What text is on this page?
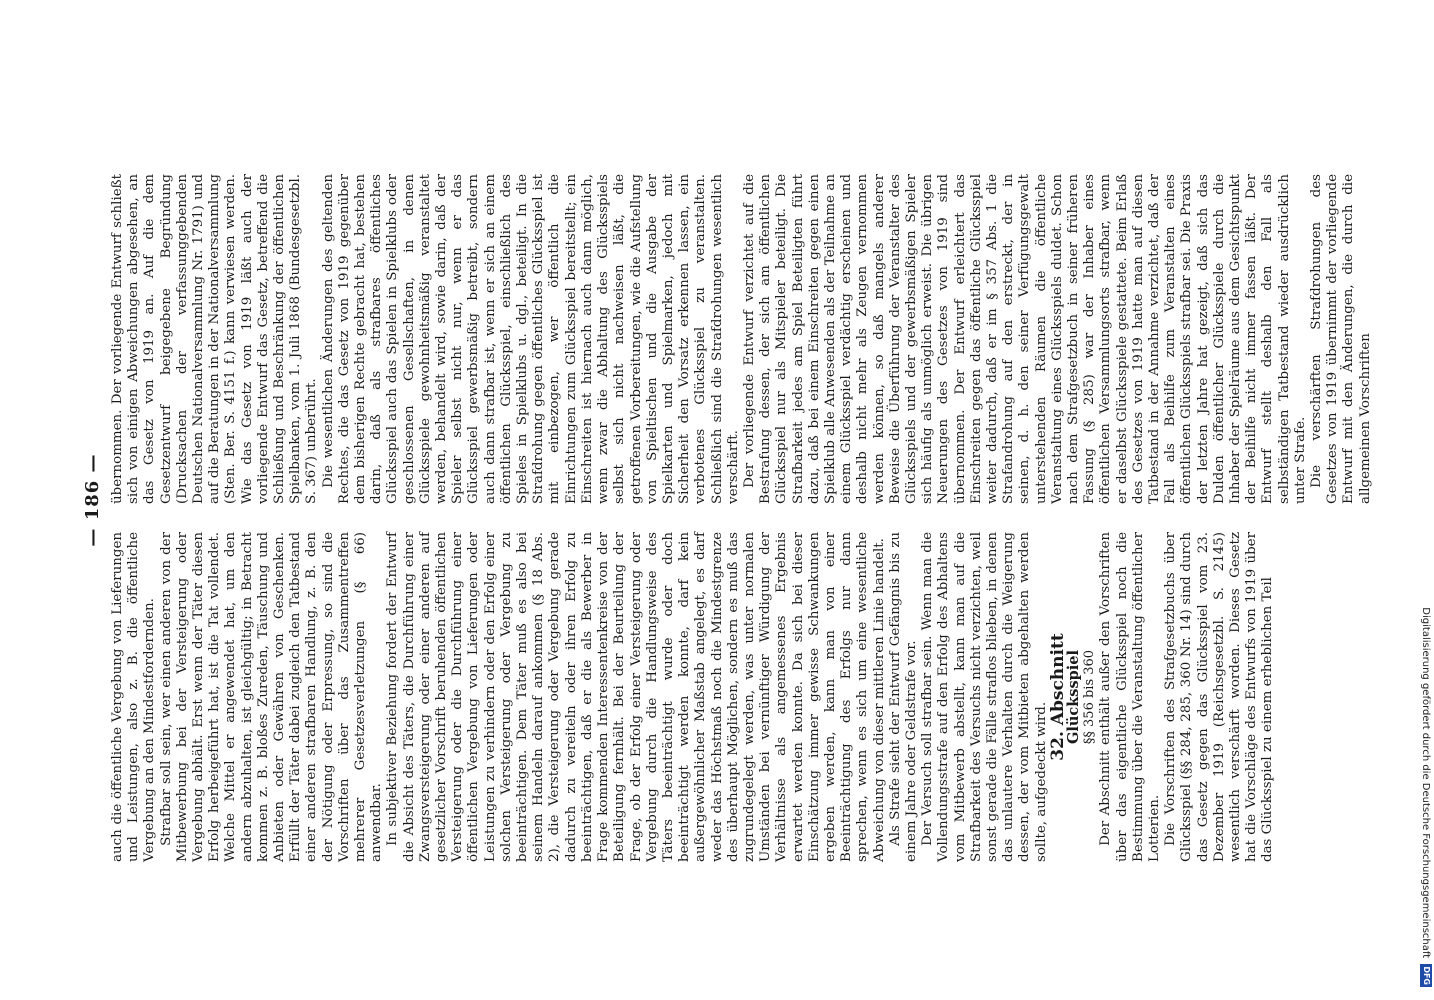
— 186 —

auch die öffentliche Vergebung von Lieferungen und Leistungen, also z. B. die öffentliche Vergebung an den Mindestfordernden. Strafbar soll sein, wer einen anderen von der Mitbewerbung bei der Versteigerung oder Vergebung abhält. Erst wenn der Täter diesen Erfolg herbeigeführt hat, ist die Tat vollendet. Welche Mittel er angewendet hat, um den andern abzuhalten, ist gleichgültig; in Betracht kommen z. B. bloßes Zureden, Täuschung und Anbieten oder Gewähren von Geschenken. Erfüllt der Täter dabei zugleich den Tatbestand einer anderen strafbaren Handlung, z. B. den der Nötigung oder Erpressung, so sind die Vorschriften über das Zusammentreffen mehrerer Gesetzesverletzungen (§ 66) anwendbar. In subjektiver Beziehung fordert der Entwurf die Absicht des Täters, die Durchführung einer Zwangsversteigerung oder einer anderen auf gesetzlicher Vorschrift beruhenden öffentlichen Versteigerung oder die Durchführung einer öffentlichen Vergebung von Lieferungen oder Leistungen zu verhindern oder den Erfolg einer solchen Versteigerung oder Vergebung zu beeinträchtigen. Dem Täter muß es also bei seinem Handeln darauf ankommen (§ 18 Abs. 2), die Versteigerung oder Vergebung gerade dadurch zu vereiteln oder ihren Erfolg zu beeinträchtigen, daß er die als Bewerber in Frage kommenden Interessentenkreise von der Beteiligung fernhält. Bei der Beurteilung der Frage, ob der Erfolg einer Versteigerung oder Vergebung durch die Handlungsweise des Täters beeinträchtigt wurde oder doch beeinträchtigt werden konnte, darf kein außergewöhnlicher Maßstab angelegt, es darf weder das Höchstmaß noch die Mindestgrenze des überhaupt Möglichen, sondern es muß das zugrundegelegt werden, was unter normalen Umständen bei vernünftiger Würdigung der Verhältnisse als angemessenes Ergebnis erwartet werden konnte. Da sich bei dieser Einschätzung immer gewisse Schwankungen ergeben werden, kann man von einer Beeinträchtigung des Erfolgs nur dann sprechen, wenn es sich um eine wesentliche Abweichung von dieser mittleren Linie handelt. Als Strafe sieht der Entwurf Gefängnis bis zu einem Jahre oder Geldstrafe vor. Der Versuch soll strafbar sein. Wenn man die Vollendungsstrafe auf den Erfolg des Abhaltens vom Mitbewerb abstellt, kann man auf die Strafbarkeit des Versuchs nicht verzichten, weil sonst gerade die Fälle straflos blieben, in denen das unlautere Verhalten durch die Weigerung dessen, der vom Mitbieten abgehalten werden sollte, aufgedeckt wird.

32. Abschnitt

Glücksspiel §§ 356 bis 360 Der Abschnitt enthält außer den Vorschriften über das eigentliche Glücksspiel noch die Bestimmung über die Veranstaltung öffentlicher Lotterien. Die Vorschriften des Strafgesetzbuchs über Glücksspiel (§§ 284, 285, 360 Nr. 14) sind durch das Gesetz gegen das Glücksspiel vom 23. Dezember 1919 (Reichsgesetzbl. S. 2145) wesentlich verschärft worden. Dieses Gesetz hat die Vorschläge des Entwurfs von 1919 über das Glücksspiel zu einem erheblichen Teil

übernommen. Der vorliegende Entwurf schließt sich von einigen Abweichungen abgesehen, an das Gesetz von 1919 an. Auf die dem Gesetzentwurf beigegebene Begründung (Drucksachen der verfassunggebenden Deutschen Nationalversammlung Nr. 1791) und auf die Beratungen in der Nationalversammlung (Sten. Ber. S. 4151 f.) kann verwiesen werden. Wie das Gesetz von 1919 läßt auch der vorliegende Entwurf das Gesetz, betreffend die Schließung und Beschränkung der öffentlichen Spielbanken, vom 1. Juli 1868 (Bundesgesetzbl. S. 367) unberührt. Die wesentlichen Änderungen des geltenden Rechtes, die das Gesetz von 1919 gegenüber dem bisherigen Rechte gebracht hat, bestehen darin, daß als strafbares öffentliches Glücksspiel auch das Spielen in Spielklubs oder geschlossenen Gesellschaften, in denen Glücksspiele gewohnheitsmäßig veranstaltet werden, behandelt wird, sowie darin, daß der Spieler selbst nicht nur, wenn er das Glücksspiel gewerbsmäßig betreibt, sondern auch dann strafbar ist, wenn er sich an einem öffentlichen Glücksspiel, einschließlich des Spieles in Spielklubs u. dgl., beteiligt. In die Strafdrohung gegen öffentliches Glücksspiel ist mit einbezogen, wer öffentlich die Einrichtungen zum Glücksspiel bereitstellt; ein Einschreiten ist hiernach auch dann möglich, wenn zwar die Abhaltung des Glücksspiels selbst sich nicht nachweisen läßt, die getroffenen Vorbereitungen, wie die Aufstellung von Spieltischen und die Ausgabe der Spielkarten und Spielmarken, jedoch mit Sicherheit den Vorsatz erkennen lassen, ein verbotenes Glücksspiel zu veranstalten. Schließlich sind die Strafdrohungen wesentlich verschärft. Der vorliegende Entwurf verzichtet auf die Bestrafung dessen, der sich am öffentlichen Glücksspiel nur als Mitspieler beteiligt. Die Strafbarkeit jedes am Spiel Beteiligten führt dazu, daß bei einem Einschreiten gegen einen Spielklub alle Anwesenden als der Teilnahme an einem Glücksspiel verdächtig erscheinen und deshalb nicht mehr als Zeugen vernommen werden können, so daß mangels anderer Beweise die Überführung der Veranstalter des Glücksspiels und der gewerbsmäßigen Spieler sich häufig als unmöglich erweist. Die übrigen Neuerungen des Gesetzes von 1919 sind übernommen. Der Entwurf erleichtert das Einschreiten gegen das öffentliche Glücksspiel weiter dadurch, daß er im § 357 Abs. 1 die Strafandrohung auf den erstreckt, der in seinen, d. h. den seiner Verfügungsgewalt unterstehenden Räumen die öffentliche Veranstaltung eines Glücksspiels duldet. Schon nach dem Strafgesetzbuch in seiner früheren Fassung (§ 285) war der Inhaber eines öffentlichen Versammlungsorts strafbar, wenn er daselbst Glücksspiele gestattete. Beim Erlaß des Gesetzes von 1919 hatte man auf diesen Tatbestand in der Annahme verzichtet, daß der Fall als Beihilfe zum Veranstalten eines öffentlichen Glücksspiels strafbar sei. Die Praxis der letzten Jahre hat gezeigt, daß sich das Dulden öffentlicher Glücksspiele durch die Inhaber der Spielräume aus dem Gesichtspunkt der Beihilfe nicht immer fassen läßt. Der Entwurf stellt deshalb den Fall als selbständigen Tatbestand wieder ausdrücklich unter Strafe. Die verschärften Strafdrohungen des Gesetzes von 1919 übernimmt der vorliegende Entwurf mit den Änderungen, die durch die allgemeinen Vorschriften

Digitalisierung gefördert durch die Deutsche Forschungsgemeinschaft DFG
